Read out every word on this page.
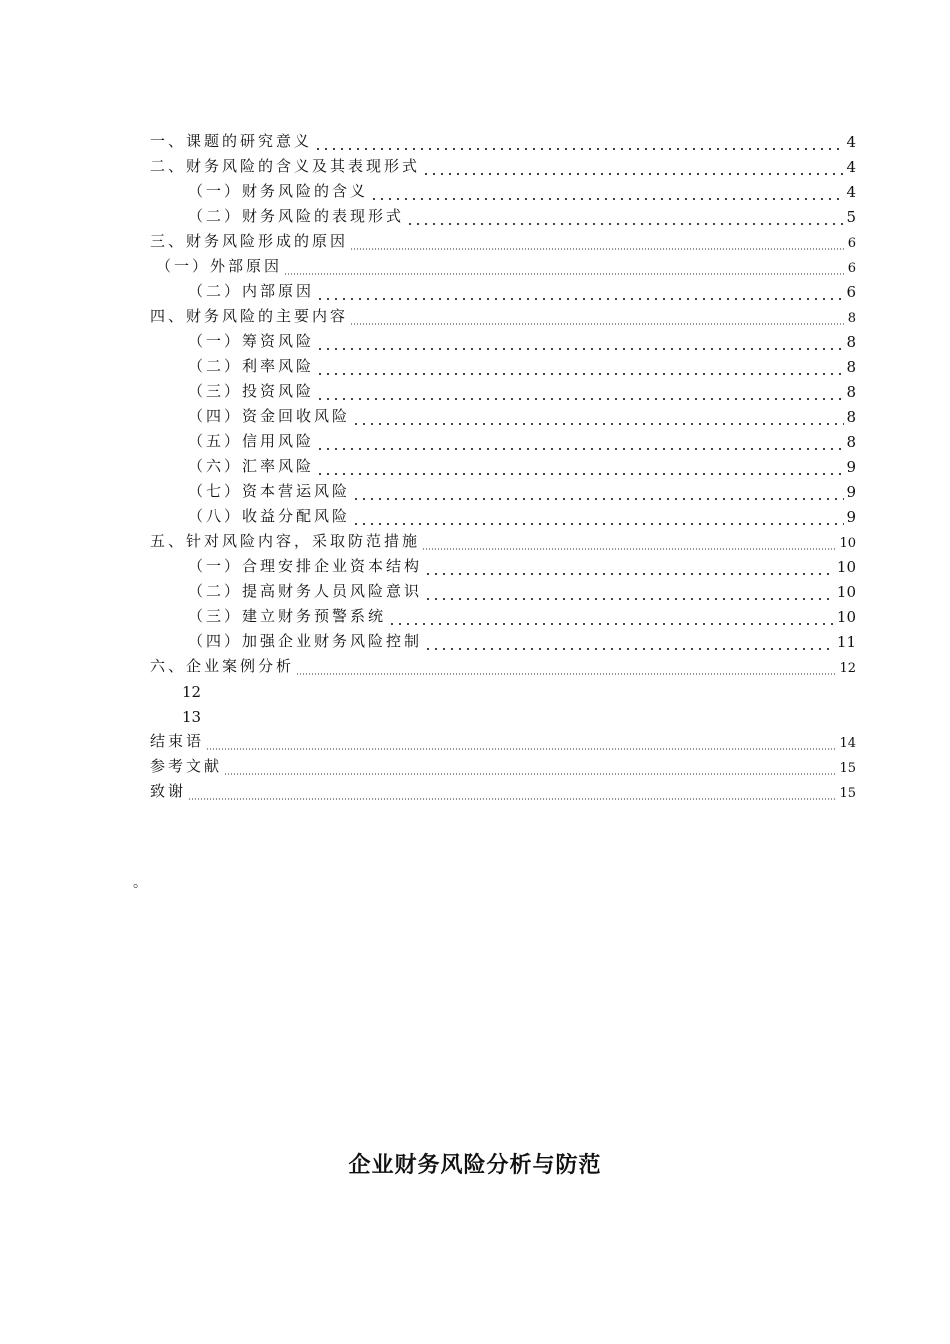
一、课题的研究意义	4
二、财务风险的含义及其表现形式	4
（一）财务风险的含义	4
（二）财务风险的表现形式	5
三、财务风险形成的原因	6
（一）外部原因	6
（二）内部原因	6
四、财务风险的主要内容	8
（一）筹资风险	8
（二）利率风险	8
（三）投资风险	8
（四）资金回收风险	8
（五）信用风险	8
（六）汇率风险	9
（七）资本营运风险	9
（八）收益分配风险	9
五、针对风险内容，采取防范措施	10
（一）合理安排企业资本结构	10
（二）提高财务人员风险意识	10
（三）建立财务预警系统	10
（四）加强企业财务风险控制	11
六、企业案例分析	12
12
13
结束语	14
参考文献	15
致谢	15
。
企业财务风险分析与防范
